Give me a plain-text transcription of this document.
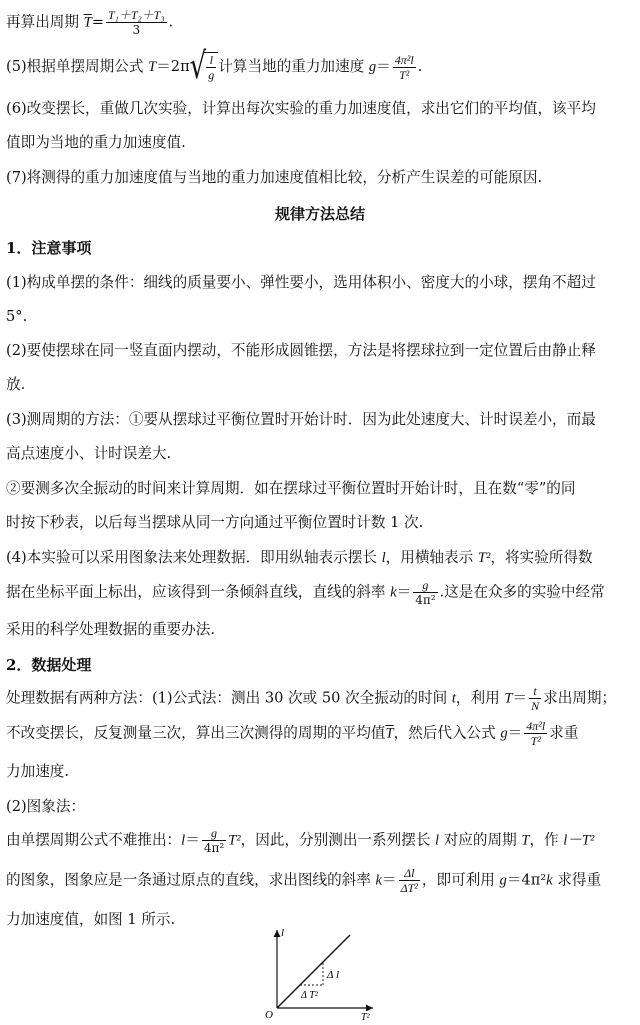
再算出周期 $\overline{T}= \frac{\text{T₁＋T₂＋T₃}}{3}$ .
(5)根据单摆周期公式 $T=2\pi√ \frac{l}{g}$ 计算当地的重力加速度 $g= \frac{\text{4π²l}}{\text{T²}}$ .
(6)改变摆长，重做几次实验，计算出每次实验的重力加速度值，求出它们的平均值，该平均
值即为当地的重力加速度值.
(7)将测得的重力加速度值与当地的重力加速度值相比较，分析产生误差的可能原因.
规律方法总结
1．注意事项
(1)构成单摆的条件：细线的质量要小、弹性要小，选用体积小、密度大的小球，摆角不超过
5°.
(2)要使摆球在同一竖直面内摆动，不能形成圆锥摆，方法是将摆球拉到一定位置后由静止释
放.
(3)测周期的方法：①要从摆球过平衡位置时开始计时．因为此处速度大、计时误差小，而最
高点速度小、计时误差大.
②要测多次全振动的时间来计算周期．如在摆球过平衡位置时开始计时，且在数“零”的同
时按下秒表，以后每当摆球从同一方向通过平衡位置时计数 1 次.
(4)本实验可以采用图象法来处理数据．即用纵轴表示摆长 l，用横轴表示 T²，将实验所得数
据在坐标平面上标出，应该得到一条倾斜直线，直线的斜率 $k= \frac{g}{\text{4π²}}$ .这是在众多的实验中经常
采用的科学处理数据的重要办法.
2．数据处理
处理数据有两种方法：(1)公式法：测出 30 次或 50 次全振动的时间 t，利用 $T= \frac{t}{N}$ 求出周期；
不改变摆长，反复测量三次，算出三次测得的周期的平均值$\overline{T}$，然后代入公式 $g= \frac{\text{4π²l}}{\text{T²}}$ 求重
力加速度.
(2)图象法：
由单摆周期公式不难推出：$l= \frac{g}{\text{4π²}} T^2$，因此，分别测出一系列摆长 l 对应的周期 T，作 l－T²
的图象，图象应是一条通过原点的直线，求出图线的斜率 $k= \frac{\Delta l}{\text{ΔT²}}$ ，即可利用 g＝4π²k 求得重
力加速度值，如图 1 所示.
l
T²
O
Δ l
Δ T²
